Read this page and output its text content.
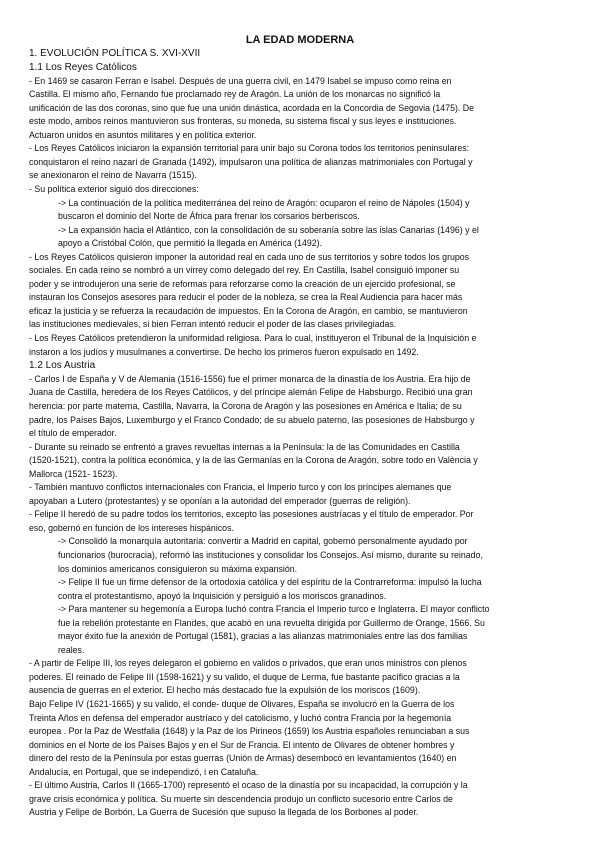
LA EDAD MODERNA

1. EVOLUCIÓN POLÍTICA S. XVI-XVII

1.1 Los Reyes Católicos

- En 1469 se casaron Ferran e Isabel. Después de una guerra civil, en 1479 Isabel se impuso como reina en

Castilla. El mismo año, Fernando fue proclamado rey de Aragón. La unión de los monarcas no significó la

unificación de las dos coronas, sino que fue una unión dinástica, acordada en la Concordia de Segovia (1475). De

este modo, ambos reinos mantuvieron sus fronteras, su moneda, su sistema fiscal y sus leyes e instituciones.

Actuaron unidos en asuntos militares y en política exterior.

- Los Reyes Católicos iniciaron la expansión territorial para unir bajo su Corona todos los territorios peninsulares:

conquistaron el reino nazarí de Granada (1492), impulsaron una política de alianzas matrimoniales con Portugal y

se anexionaron el reino de Navarra (1515).

- Su política exterior siguió dos direcciones:

-> La continuación de la política mediterránea del reino de Aragón: ocuparon el reino de Nápoles (1504) y

buscaron el dominio del Norte de África para frenar los corsarios berberiscos.

-> La expansión hacia el Atlántico, con la consolidación de su soberanía sobre las islas Canarias (1496) y el

apoyo a Cristóbal Colón, que permitió la llegada en América (1492).

- Los Reyes Católicos quisieron imponer la autoridad real en cada uno de sus territorios y sobre todos los grupos

sociales. En cada reino se nombró a un virrey como delegado del rey. En Castilla, Isabel consiguió imponer su

poder y se introdujeron una serie de reformas para reforzarse como la creación de un ejercido profesional, se

instauran los Consejos asesores para reducir el poder de la nobleza, se crea la Real Audiencia para hacer más

eficaz la justicia y se refuerza la recaudación de impuestos. En la Corona de Aragón, en cambio, se mantuvieron

las instituciones medievales, si bien Ferran intentó reducir el poder de las clases privilegiadas.

- Los Reyes Católicos pretendieron la uniformidad religiosa. Para lo cual, instituyeron el Tribunal de la Inquisición e

instaron a los judíos y musulmanes a convertirse. De hecho los primeros fueron expulsado en 1492.

1.2 Los Austria

- Carlos I de España y V de Alemania (1516-1556) fue el primer monarca de la dinastía de los Austria. Era hijo de

Juana de Castilla, heredera de los Reyes Católicos, y del príncipe alemán Felipe de Habsburgo. Recibió una gran

herencia: por parte materna, Castilla, Navarra, la Corona de Aragón y las posesiones en América e Italia; de su

padre, los Países Bajos, Luxemburgo y el Franco Condado; de su abuelo paterno, las posesiones de Habsburgo y

el título de emperador.

- Durante su reinado se enfrentó a graves revueltas internas a la Península: la de las Comunidades en Castilla

(1520-1521), contra la política económica, y la de las Germanías en la Corona de Aragón, sobre todo en València y

Mallorca (1521- 1523).

- También mantuvo conflictos internacionales con Francia, el Imperio turco y con los príncipes alemanes que

apoyaban a Lutero (protestantes) y se oponían a la autoridad del emperador (guerras de religión).

- Felipe II heredó de su padre todos los territorios, excepto las posesiones austríacas y el título de emperador. Por

eso, gobernó en función de los intereses hispánicos.

-> Consolidó la monarquía autoritaria: convertir a Madrid en capital, gobernó personalmente ayudado por

funcionarios (burocracia), reformó las instituciones y consolidar los Consejos. Así mismo, durante su reinado,

los dominios americanos consiguieron su máxima expansión.

-> Felipe II fue un firme defensor de la ortodoxia católica y del espíritu de la Contrarreforma: impulsó la lucha

contra el protestantismo, apoyó la Inquisición y persiguió a los moriscos granadinos.

-> Para mantener su hegemonía a Europa luchó contra Francia el Imperio turco e Inglaterra. El mayor conflicto

fue la rebelión protestante en Flandes, que acabó en una revuelta dirigida por Guillermo de Orange, 1566. Su

mayor éxito fue la anexión de Portugal (1581), gracias a las alianzas matrimoniales entre las dos familias

reales.

- A partir de Felipe III, los reyes delegaron el gobierno en validos o privados, que eran unos ministros con plenos

poderes. El reinado de Felipe III (1598-1621) y su valido, el duque de Lerma, fue bastante pacífico gracias a la

ausencia de guerras en el exterior. El hecho más destacado fue la expulsión de los moriscos (1609).

Bajo Felipe IV (1621-1665) y su valido, el conde- duque de Olivares, España se involucró en la Guerra de los

Treinta Años en defensa del emperador austríaco y del catolicismo, y luchó contra Francia por la hegemonía

europea . Por la Paz de Westfalia (1648) y la Paz de los Pirineos (1659) los Austria españoles renunciaban a sus

dominios en el Norte de los Países Bajos y en el Sur de Francia. El intento de Olivares de obtener hombres y

dinero del resto de la Península por estas guerras (Unión de Armas) desembocó en levantamientos (1640) en

Andalucía, en Portugal, que se independizó, i en Cataluña.

- El último Austria, Carlos II (1665-1700) representó el ocaso de la dinastía por su incapacidad, la corrupción y la

grave crisis económica y política. Su muerte sin descendencia produjo un conflicto sucesorio entre Carlos de

Austria y Felipe de Borbón, La Guerra de Sucesión que supuso la llegada de los Borbones al poder.
